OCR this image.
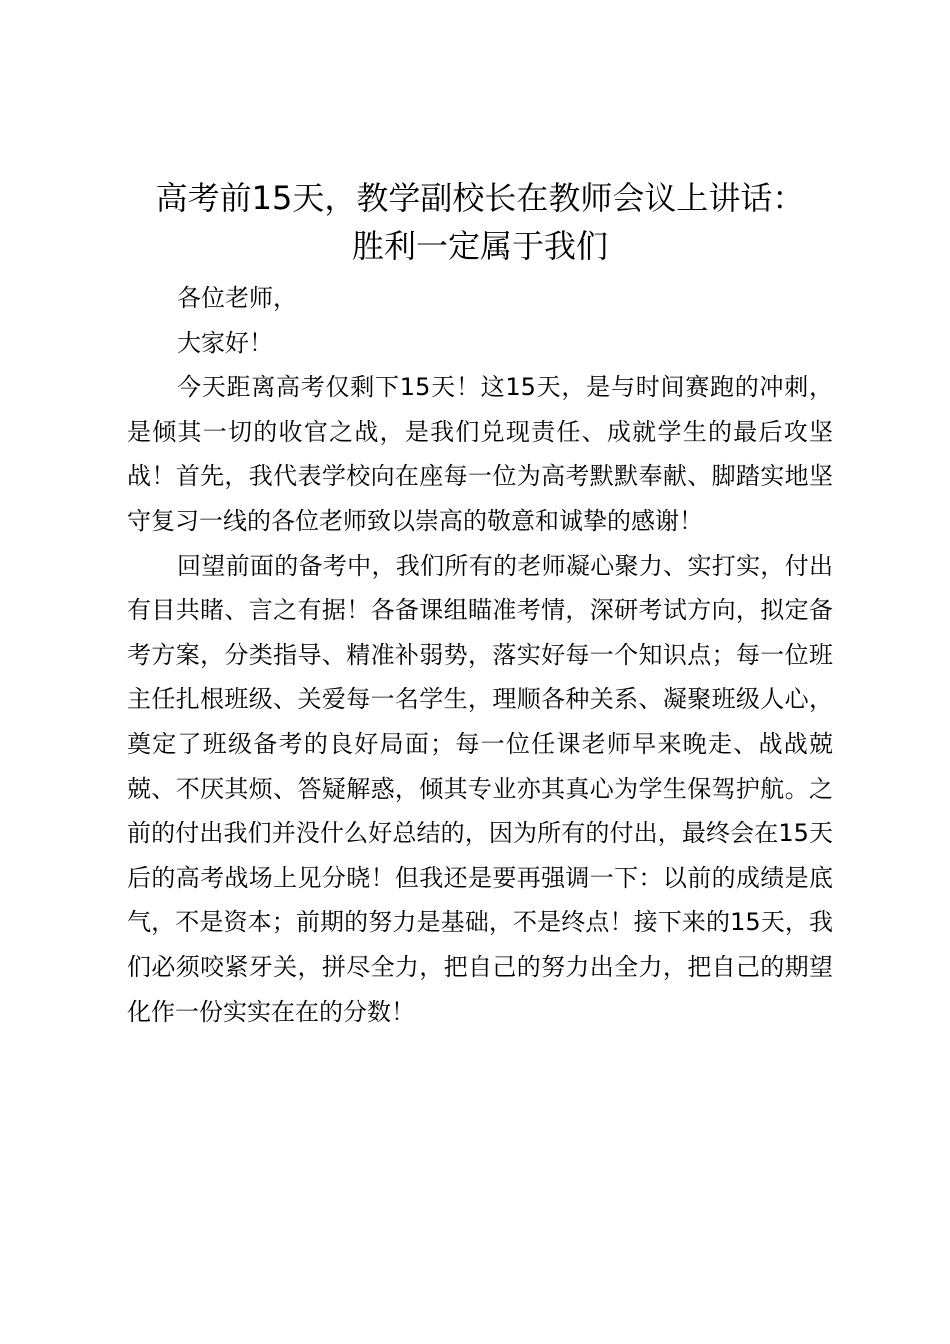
高考前15天，教学副校长在教师会议上讲话：
胜利一定属于我们

各位老师，

大家好！

今天距离高考仅剩下15天！这15天，是与时间赛跑的冲刺，是倾其一切的收官之战，是我们兑现责任、成就学生的最后攻坚战！首先，我代表学校向在座每一位为高考默默奉献、脚踏实地坚守复习一线的各位老师致以崇高的敬意和诚挚的感谢！

回望前面的备考中，我们所有的老师凝心聚力、实打实，付出有目共睹、言之有据！各备课组瞄准考情，深研考试方向，拟定备考方案，分类指导、精准补弱势，落实好每一个知识点；每一位班主任扎根班级、关爱每一名学生，理顺各种关系、凝聚班级人心，奠定了班级备考的良好局面；每一位任课老师早来晚走、战战兢兢、不厌其烦、答疑解惑，倾其专业亦其真心为学生保驾护航。之前的付出我们并没什么好总结的，因为所有的付出，最终会在15天后的高考战场上见分晓！但我还是要再强调一下：以前的成绩是底气，不是资本；前期的努力是基础，不是终点！接下来的15天，我们必须咬紧牙关，拼尽全力，把自己的努力出全力，把自己的期望化作一份实实在在的分数！
